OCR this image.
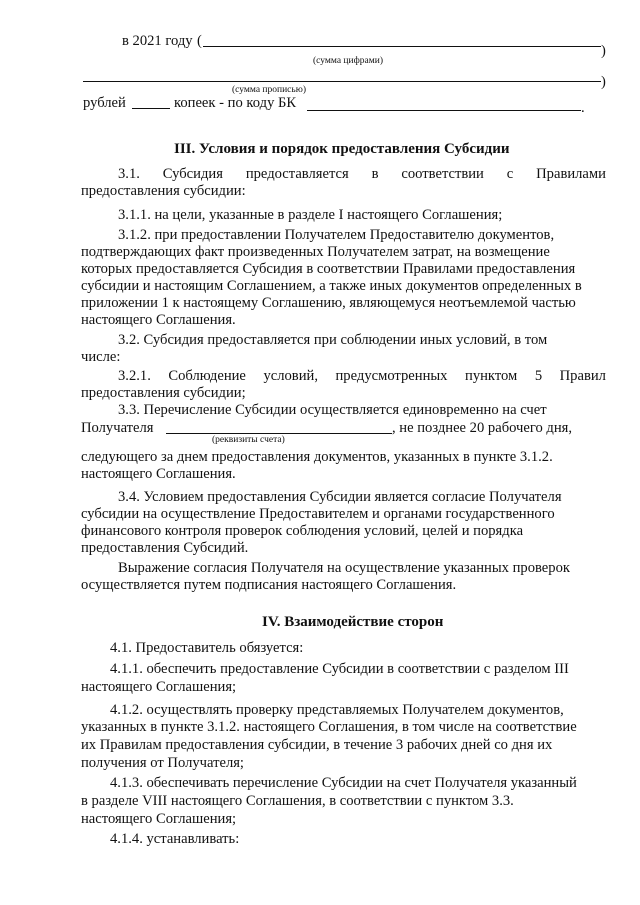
в 2021 году (
)
(сумма цифрами)
)
(сумма прописью)
рублей	копеек - по коду БК	.
III. Условия и порядок предоставления Субсидии
3.1. Субсидия предоставляется в соответствии с Правилами
предоставления субсидии:
3.1.1. на цели, указанные в разделе I настоящего Соглашения;
3.1.2. при предоставлении Получателем Предоставителю документов,
подтверждающих факт произведенных Получателем затрат, на возмещение
которых предоставляется Субсидия в соответствии Правилами предоставления
субсидии и настоящим Соглашением, а также иных документов определенных в
приложении 1 к настоящему Соглашению, являющемуся неотъемлемой частью
настоящего Соглашения.
3.2. Субсидия предоставляется при соблюдении иных условий, в том
числе:
3.2.1. Соблюдение условий, предусмотренных пунктом 5 Правил
предоставления субсидии;
3.3. Перечисление Субсидии осуществляется единовременно на счет
Получателя	, не позднее 20 рабочего дня,
(реквизиты счета)
следующего за днем предоставления документов, указанных в пункте 3.1.2.
настоящего Соглашения.
3.4. Условием предоставления Субсидии является согласие Получателя
субсидии на осуществление Предоставителем и органами государственного
финансового контроля проверок соблюдения условий, целей и порядка
предоставления Субсидий.
Выражение согласия Получателя на осуществление указанных проверок
осуществляется путем подписания настоящего Соглашения.
IV. Взаимодействие сторон
4.1. Предоставитель обязуется:
4.1.1. обеспечить предоставление Субсидии в соответствии с разделом III
настоящего Соглашения;
4.1.2. осуществлять проверку представляемых Получателем документов,
указанных в пункте 3.1.2. настоящего Соглашения, в том числе на соответствие
их Правилам предоставления субсидии, в течение 3 рабочих дней со дня их
получения от Получателя;
4.1.3. обеспечивать перечисление Субсидии на счет Получателя указанный
в разделе VIII настоящего Соглашения, в соответствии с пунктом 3.3.
настоящего Соглашения;
4.1.4. устанавливать:
